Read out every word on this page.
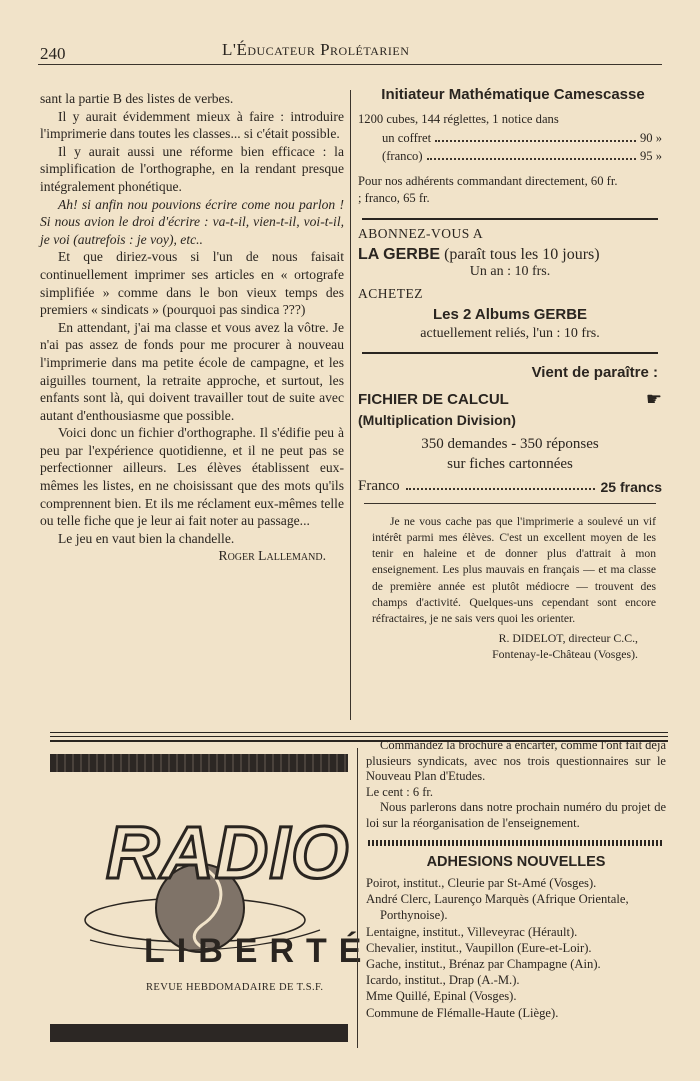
240	L'Éducateur Prolétarien

sant la partie B des listes de verbes.

Il y aurait évidemment mieux à faire : introduire l'imprimerie dans toutes les classes... si c'était possible.

Il y aurait aussi une réforme bien efficace : la simplification de l'orthographe, en la rendant presque intégralement phonétique.

Ah! si anfin nou pouvions écrire come nou parlon ! Si nous avion le droi d'écrire : va-t-il, vien-t-il, voi-t-il, je voi (autrefois : je voy), etc..

Et que diriez-vous si l'un de nous faisait continuellement imprimer ses articles en « ortografe simplifiée » comme dans le bon vieux temps des premiers « sindicats » (pourquoi pas sindica ???)

En attendant, j'ai ma classe et vous avez la vôtre. Je n'ai pas assez de fonds pour me procurer à nouveau l'imprimerie dans ma petite école de campagne, et les aiguilles tournent, la retraite approche, et surtout, les enfants sont là, qui doivent travailler tout de suite avec autant d'enthousiasme que possible.

Voici donc un fichier d'orthographe. Il s'édifie peu à peu par l'expérience quotidienne, et il ne peut pas se perfectionner ailleurs. Les élèves établissent eux-mêmes les listes, en ne choisissant que des mots qu'ils comprennent bien. Et ils me réclament eux-mêmes telle ou telle fiche que je leur ai fait noter au passage...

Le jeu en vaut bien la chandelle.

Roger Lallemand.

Initiateur Mathématique Camescasse
1200 cubes, 144 réglettes, 1 notice dans
un coffret	90 »
(franco)	95 »
Pour nos adhérents commandant directement, 60 fr. ; franco, 65 fr.
ABONNEZ-VOUS A
LA GERBE (paraît tous les 10 jours)
Un an : 10 frs.
ACHETEZ
Les 2 Albums GERBE
actuellement reliés, l'un : 10 frs.
Vient de paraître :
FICHIER DE CALCUL	☛
(Multiplication Division)
350 demandes - 350 réponses
sur fiches cartonnées
Franco	25 francs

Je ne vous cache pas que l'imprimerie a soulevé un vif intérêt parmi mes élèves. C'est un excellent moyen de les tenir en haleine et de donner plus d'attrait à mon enseignement. Les plus mauvais en français — et ma classe de première année est plutôt médiocre — trouvent des champs d'activité. Quelques-uns cependant sont encore réfractaires, je ne sais vers quoi les orienter.

R. DIDELOT, directeur C.C.,
Fontenay-le-Château (Vosges).
RADIO
LIBERTÉ
REVUE HEBDOMADAIRE DE T.S.F.

Commandez la brochure à encarter, comme l'ont fait déjà plusieurs syndicats, avec nos trois questionnaires sur le Nouveau Plan d'Etudes.

Le cent : 6 fr.

Nous parlerons dans notre prochain numéro du projet de loi sur la réorganisation de l'enseignement.

ADHESIONS NOUVELLES
Poirot, institut., Cleurie par St-Amé (Vosges).
André Clerc, Laurenço Marquès (Afrique Orientale, Porthynoise).
Lentaigne, institut., Villeveyrac (Hérault).
Chevalier, institut., Vaupillon (Eure-et-Loir).
Gache, institut., Brénaz par Champagne (Ain).
Icardo, institut., Drap (A.-M.).
Mme Quillé, Epinal (Vosges).
Commune de Flémalle-Haute (Liège).
